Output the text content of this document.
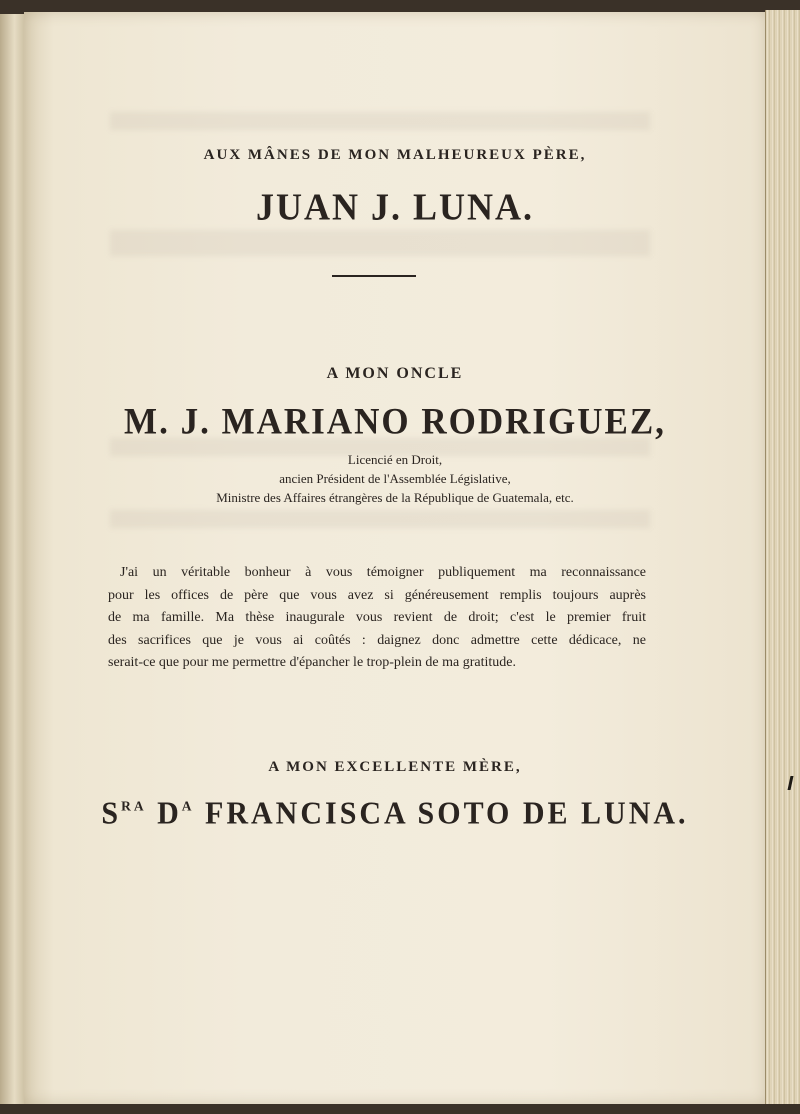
AUX MÂNES DE MON MALHEUREUX PÈRE,
JUAN J. LUNA.
A MON ONCLE
M. J. MARIANO RODRIGUEZ,
Licencié en Droit,
ancien Président de l'Assemblée Législative,
Ministre des Affaires étrangères de la République de Guatemala, etc.
J'ai un véritable bonheur à vous témoigner publiquement ma reconnaissance
pour les offices de père que vous avez si généreusement remplis toujours auprès
de ma famille. Ma thèse inaugurale vous revient de droit; c'est le premier fruit
des sacrifices que je vous ai coûtés : daignez donc admettre cette dédicace, ne
serait-ce que pour me permettre d'épancher le trop-plein de ma gratitude.
A MON EXCELLENTE MÈRE,
$S^{RA}$ $D^A$ FRANCISCA SOTO DE LUNA.
